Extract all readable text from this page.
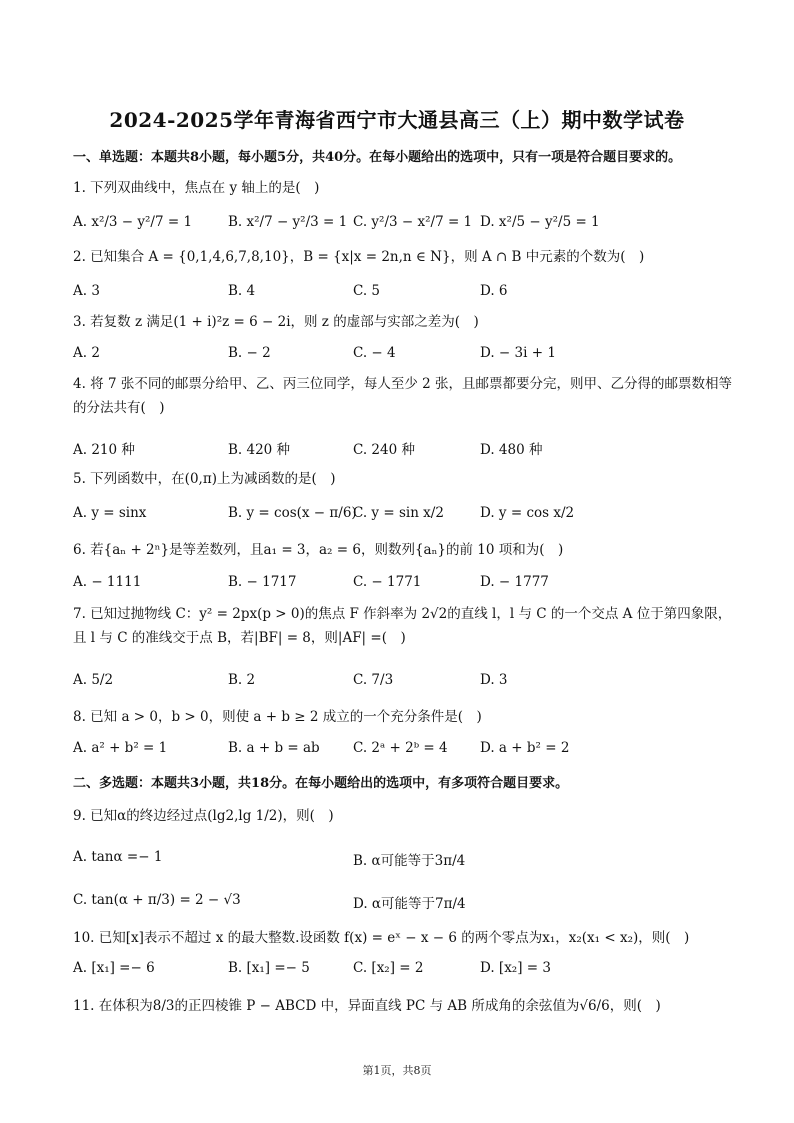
2024-2025学年青海省西宁市大通县高三（上）期中数学试卷
一、单选题：本题共8小题，每小题5分，共40分。在每小题给出的选项中，只有一项是符合题目要求的。
1. 下列双曲线中，焦点在 y 轴上的是(　)
A. x²/3 − y²/7 = 1	B. x²/7 − y²/3 = 1 C. y²/3 − x²/7 = 1 D. x²/5 − y²/5 = 1
2. 已知集合 A = {0,1,4,6,7,8,10}，B = {x|x = 2n,n ∈ N}，则 A ∩ B 中元素的个数为(　)
A. 3	B. 4	C. 5	D. 6
3. 若复数 z 满足(1 + i)²z = 6 − 2i，则 z 的虚部与实部之差为(　)
A. 2	B. − 2	C. − 4	D. − 3i + 1
4. 将 7 张不同的邮票分给甲、乙、丙三位同学，每人至少 2 张，且邮票都要分完，则甲、乙分得的邮票数相等的分法共有(　)
A. 210 种	B. 420 种	C. 240 种	D. 480 种
5. 下列函数中，在(0,π)上为减函数的是(　)
A. y = sinx	B. y = cos(x − π/6)
C. y = sin x/2	D. y = cos x/2
6. 若{aₙ + 2ⁿ}是等差数列，且a₁ = 3，a₂ = 6，则数列{aₙ}的前 10 项和为(　)
A. − 1111	B. − 1717	C. − 1771	D. − 1777
7. 已知过抛物线 C：y² = 2px(p > 0)的焦点 F 作斜率为 2√2的直线 l，l 与 C 的一个交点 A 位于第四象限，且 l 与 C 的准线交于点 B，若|BF| = 8，则|AF| =(　)
A. 5/2	B. 2	C. 7/3	D. 3
8. 已知 a > 0，b > 0，则使 a + b ≥ 2 成立的一个充分条件是(　)
A. a² + b² = 1	B. a + b = ab C. 2ᵃ + 2ᵇ = 4 D. a + b² = 2
二、多选题：本题共3小题，共18分。在每小题给出的选项中，有多项符合题目要求。
9. 已知α的终边经过点(lg2,lg 1/2)，则(　)
A. tanα =− 1	B. α可能等于3π/4
C. tan(α + π/3) = 2 − √3	D. α可能等于7π/4
10. 已知[x]表示不超过 x 的最大整数.设函数 f(x) = eˣ − x − 6 的两个零点为x₁，x₂(x₁ < x₂)，则(　)
A. [x₁] =− 6	B. [x₁] =− 5	C. [x₂] = 2	D. [x₂] = 3
11. 在体积为8/3的正四棱锥 P − ABCD 中，异面直线 PC 与 AB 所成角的余弦值为√6/6，则(　)
第1页，共8页
